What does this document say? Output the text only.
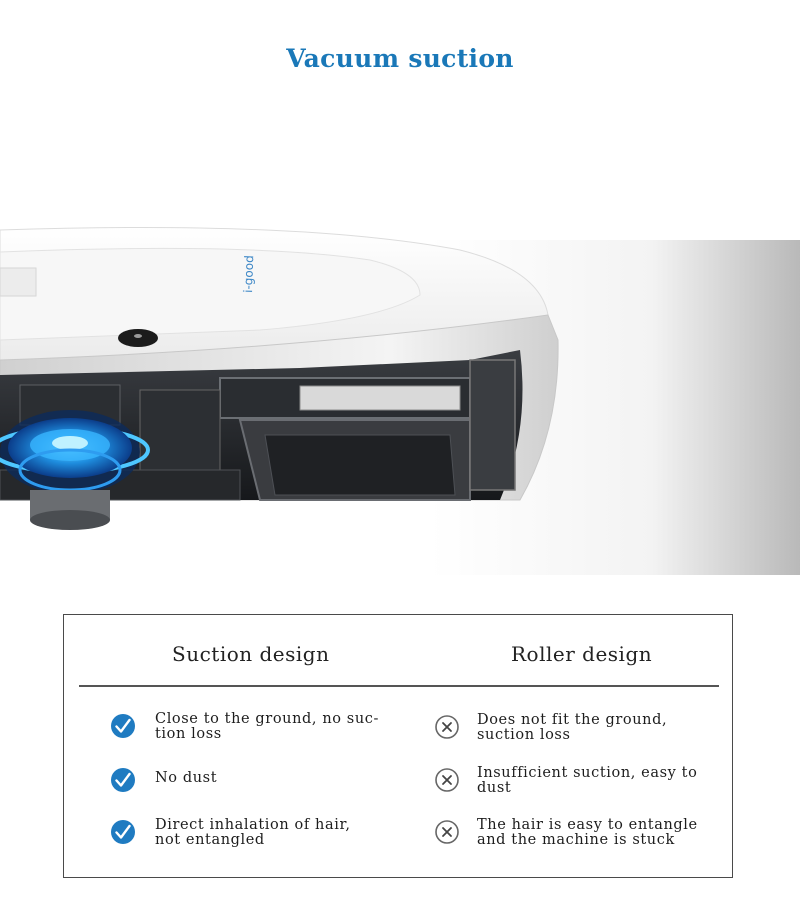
Vacuum suction
i-good
Suction design	Roller design
Close to the ground, no suc-
tion loss
No dust
Direct inhalation of hair,
not entangled
Does not fit the ground,
suction loss
Insufficient suction, easy to
dust
The hair is easy to entangle
and the machine is stuck
